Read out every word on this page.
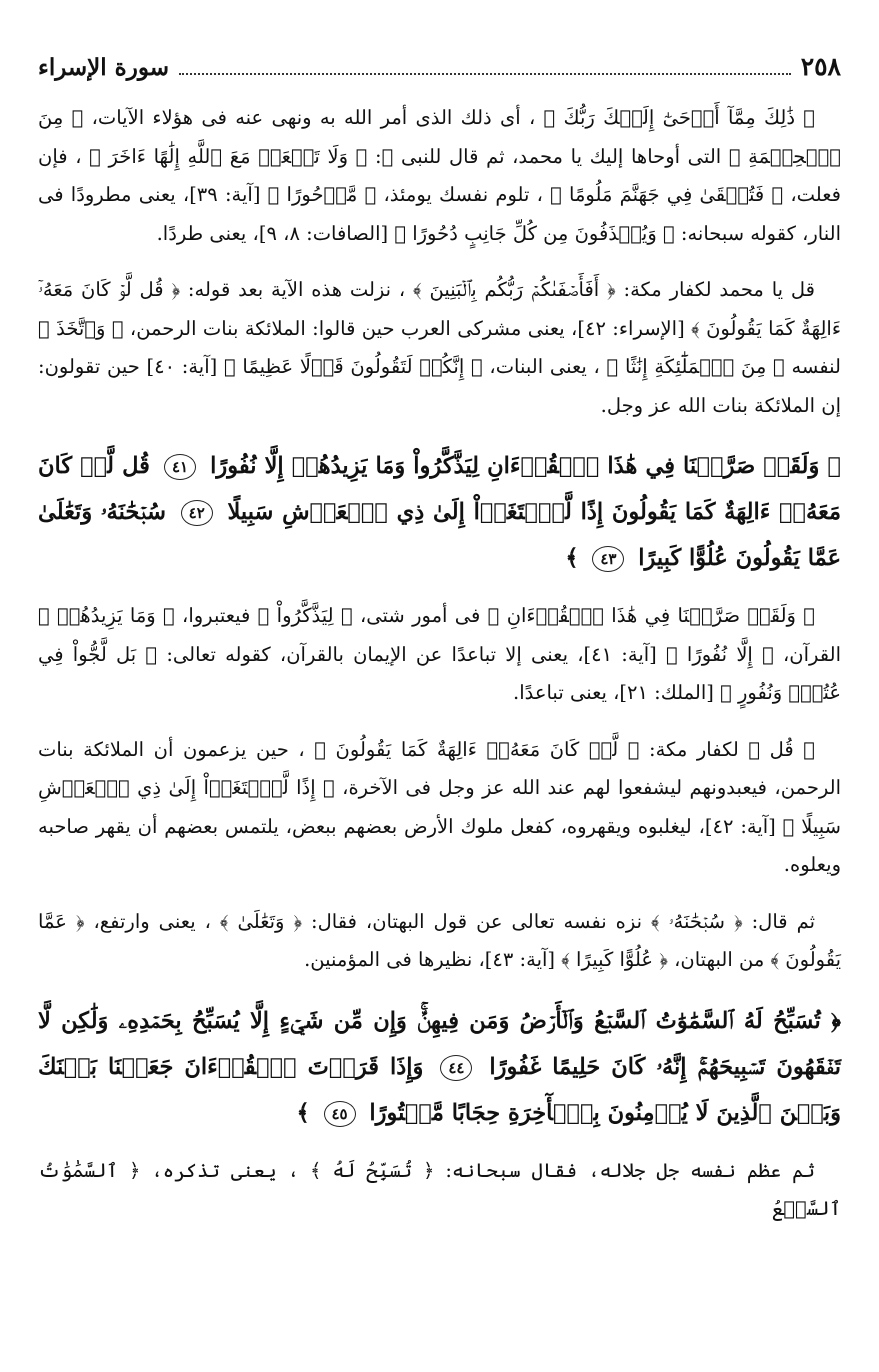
٢٥٨
سورة الإسراء

﴿ ذَٰلِكَ مِمَّآ أَوۡحَىٰٓ إِلَيۡكَ رَبُّكَ ﴾ ، أى ذلك الذى أمر الله به ونهى عنه فى هؤلاء الآيات، ﴿ مِنَ ٱلۡحِكۡمَةِ ﴾ التى أوحاها إليك يا محمد، ثم قال للنبى ﷺ: ﴿ وَلَا تَجۡعَلۡ مَعَ ٱللَّهِ إِلَٰهًا ءَاخَرَ ﴾ ، فإن فعلت، ﴿ فَتُلۡقَىٰ فِي جَهَنَّمَ مَلُومًا ﴾ ، تلوم نفسك يومئذ، ﴿ مَّدۡحُورًا ﴾ [آية: ٣٩]، يعنى مطرودًا فى النار، كقوله سبحانه: ﴿ وَيُقۡذَفُونَ مِن كُلِّ جَانِبٍ دُحُورًا ﴾ [الصافات: ٨، ٩]، يعنى طردًا.

قل يا محمد لكفار مكة: ﴿ أَفَأَصۡفَىٰكُمۡ رَبُّكُم بِٱلۡبَنِينَ ﴾ ، نزلت هذه الآية بعد قوله: ﴿ قُل لَّوۡ كَانَ مَعَهُۥٓ ءَالِهَةٌ كَمَا يَقُولُونَ ﴾ [الإسراء: ٤٢]، يعنى مشركى العرب حين قالوا: الملائكة بنات الرحمن، ﴿ وَٱتَّخَذَ ﴾ لنفسه ﴿ مِنَ ٱلۡمَلَٰٓئِكَةِ إِنَٰثًا ﴾ ، يعنى البنات، ﴿ إِنَّكُمۡ لَتَقُولُونَ قَوۡلًا عَظِيمًا ﴾ [آية: ٤٠] حين تقولون: إن الملائكة بنات الله عز وجل.

﴿ وَلَقَدۡ صَرَّفۡنَا فِي هَٰذَا ٱلۡقُرۡءَانِ لِيَذَّكَّرُواْ وَمَا يَزِيدُهُمۡ إِلَّا نُفُورًا ٤١ قُل لَّوۡ كَانَ مَعَهُۥٓ ءَالِهَةٌ كَمَا يَقُولُونَ إِذًا لَّٱبۡتَغَوۡاْ إِلَىٰ ذِي ٱلۡعَرۡشِ سَبِيلًا ٤٢ سُبۡحَٰنَهُۥ وَتَعَٰلَىٰ عَمَّا يَقُولُونَ عُلُوًّا كَبِيرًا ٤٣ ﴾

﴿ وَلَقَدۡ صَرَّفۡنَا فِي هَٰذَا ٱلۡقُرۡءَانِ ﴾ فى أمور شتى، ﴿ لِيَذَّكَّرُواْ ﴾ فيعتبروا، ﴿ وَمَا يَزِيدُهُمۡ ﴾ القرآن، ﴿ إِلَّا نُفُورًا ﴾ [آية: ٤١]، يعنى إلا تباعدًا عن الإيمان بالقرآن، كقوله تعالى: ﴿ بَل لَّجُّواْ فِي عُتُوّٖ وَنُفُورٍ ﴾ [الملك: ٢١]، يعنى تباعدًا.

﴿ قُل ﴾ لكفار مكة: ﴿ لَّوۡ كَانَ مَعَهُۥٓ ءَالِهَةٌ كَمَا يَقُولُونَ ﴾ ، حين يزعمون أن الملائكة بنات الرحمن، فيعبدونهم ليشفعوا لهم عند الله عز وجل فى الآخرة، ﴿ إِذًا لَّٱبۡتَغَوۡاْ إِلَىٰ ذِي ٱلۡعَرۡشِ سَبِيلًا ﴾ [آية: ٤٢]، ليغلبوه ويقهروه، كفعل ملوك الأرض بعضهم ببعض، يلتمس بعضهم أن يقهر صاحبه ويعلوه.

ثم قال: ﴿ سُبۡحَٰنَهُۥ ﴾ نزه نفسه تعالى عن قول البهتان، فقال: ﴿ وَتَعَٰلَىٰ ﴾ ، يعنى وارتفع، ﴿ عَمَّا يَقُولُونَ ﴾ من البهتان، ﴿ عُلُوًّا كَبِيرًا ﴾ [آية: ٤٣]، نظيرها فى المؤمنين.

﴿ تُسَبِّحُ لَهُ ٱلسَّمَٰوَٰتُ ٱلسَّبۡعُ وَٱلۡأَرۡضُ وَمَن فِيهِنَّۚ وَإِن مِّن شَيۡءٍ إِلَّا يُسَبِّحُ بِحَمۡدِهِۦ وَلَٰكِن لَّا تَفۡقَهُونَ تَسۡبِيحَهُمۡۚ إِنَّهُۥ كَانَ حَلِيمًا غَفُورًا ٤٤ وَإِذَا قَرَأۡتَ ٱلۡقُرۡءَانَ جَعَلۡنَا بَيۡنَكَ وَبَيۡنَ ٱلَّذِينَ لَا يُؤۡمِنُونَ بِٱلۡأٓخِرَةِ حِجَابًا مَّسۡتُورًا ٤٥ ﴾

ثم عظم نفسه جل جلاله، فقال سبحانه: ﴿ تُسَبِّحُ لَهُ ﴾ ، يعنى تذكره، ﴿ ٱلسَّمَٰوَٰتُ ٱلسَّبۡعُ
